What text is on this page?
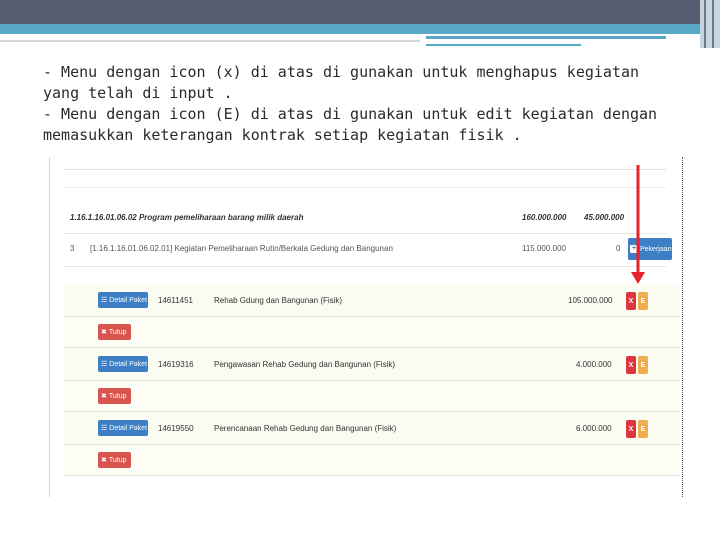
- Menu dengan icon (x) di atas di gunakan untuk menghapus kegiatan yang telah di input .

- Menu dengan icon (E) di atas di gunakan untuk edit kegiatan dengan memasukkan keterangan kontrak setiap kegiatan fisik .

1.16.1.16.01.06.02 Program pemeliharaan barang milik daerah	160.000.000 45.000.000
3 [1.16.1.16.01.06.02.01] Kegiatan Pemeliharaan Rutin/Berkala Gedung dan Bangunan	115.000.000	0 + Pekerjaan
☰ Detail Paket 14611451	Rehab Gdung dan Bangunan (Fisik)	105.000.000	X	E
✖ Tutup
☰ Detail Paket 14619316	Pengawasan Rehab Gedung dan Bangunan (Fisik)	4.000.000	X	E
✖ Tutup
☰ Detail Paket 14619550	Perencanaan Rehab Gedung dan Bangunan (Fisik)	6.000.000	X	E
✖ Tutup
